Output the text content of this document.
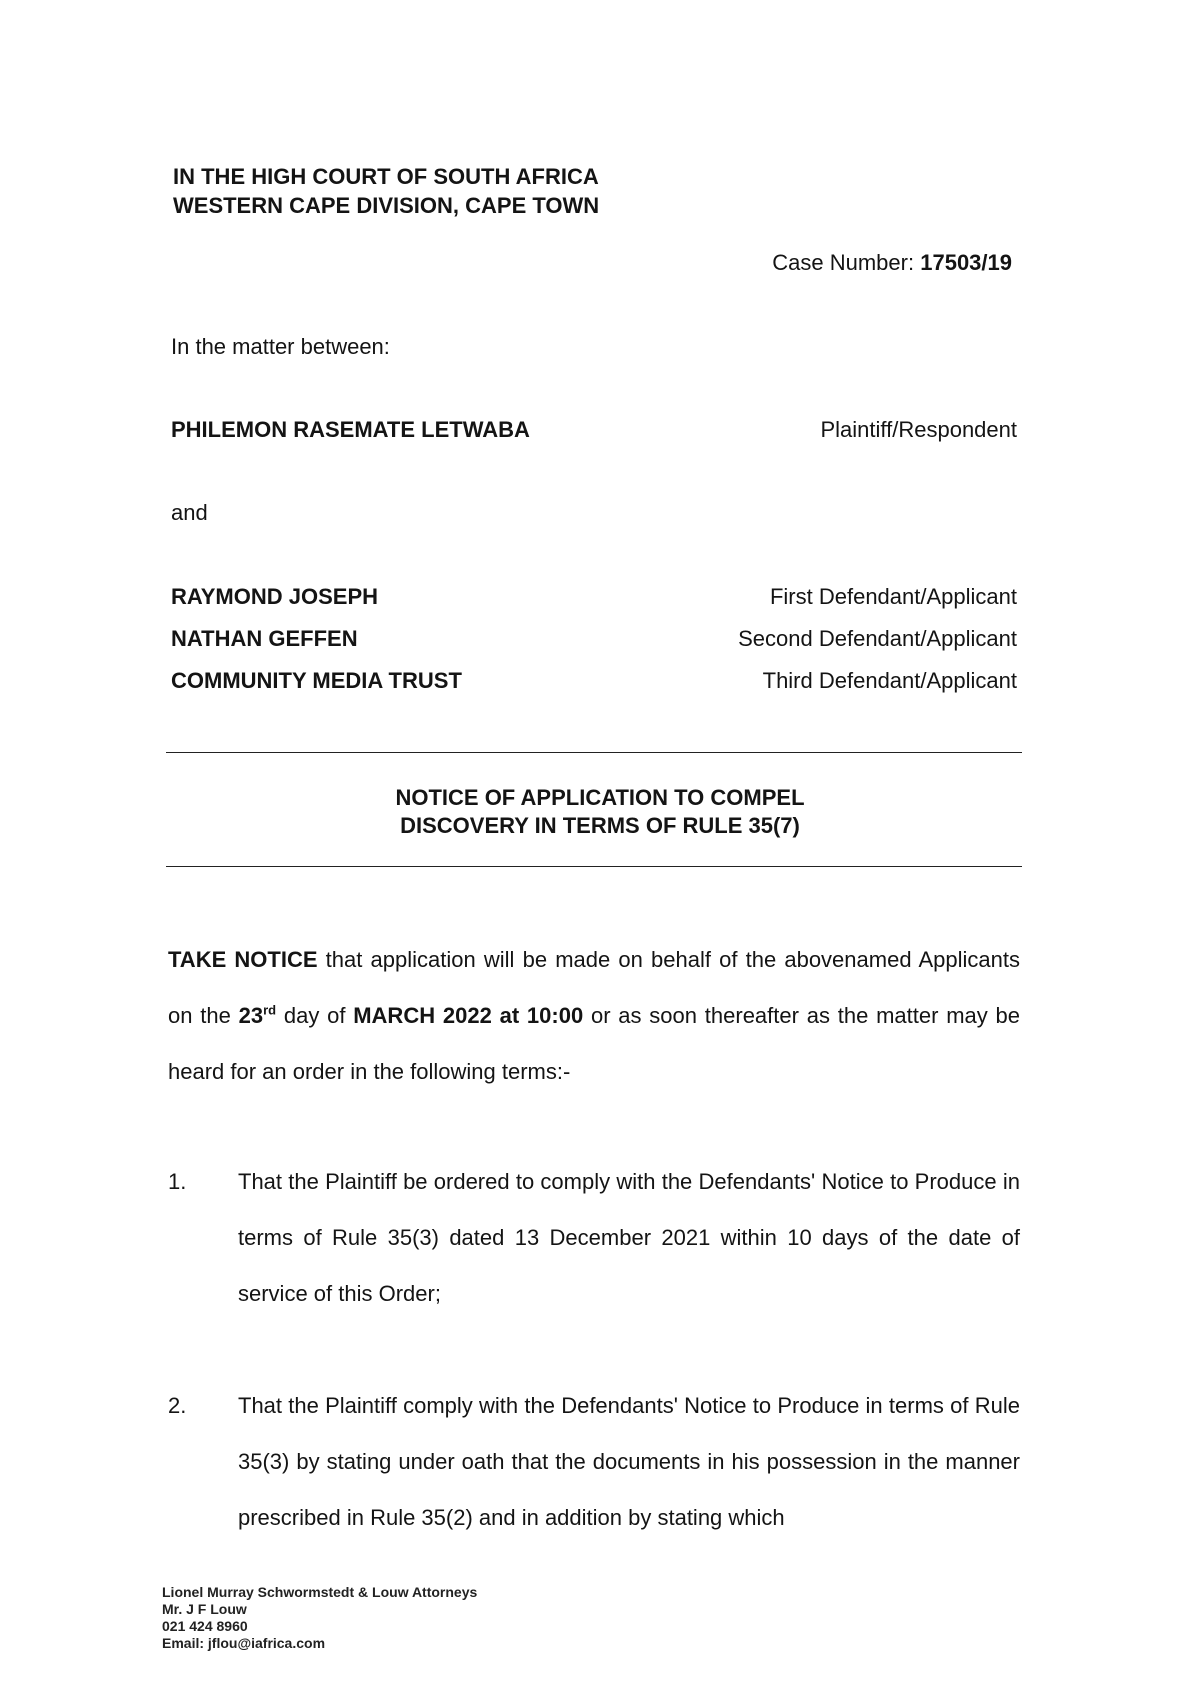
IN THE HIGH COURT OF SOUTH AFRICA
WESTERN CAPE DIVISION, CAPE TOWN
Case Number: 17503/19
In the matter between:
PHILEMON RASEMATE LETWABA	Plaintiff/Respondent
and
RAYMOND JOSEPH	First Defendant/Applicant
NATHAN GEFFEN	Second Defendant/Applicant
COMMUNITY MEDIA TRUST	Third Defendant/Applicant
NOTICE OF APPLICATION TO COMPEL
DISCOVERY IN TERMS OF RULE 35(7)
TAKE NOTICE that application will be made on behalf of the abovenamed Applicants on the 23rd day of MARCH 2022 at 10:00 or as soon thereafter as the matter may be heard for an order in the following terms:-
1. That the Plaintiff be ordered to comply with the Defendants' Notice to Produce in terms of Rule 35(3) dated 13 December 2021 within 10 days of the date of service of this Order;
2. That the Plaintiff comply with the Defendants' Notice to Produce in terms of Rule 35(3) by stating under oath that the documents in his possession in the manner prescribed in Rule 35(2) and in addition by stating which
Lionel Murray Schwormstedt & Louw Attorneys
Mr. J F Louw
021 424 8960
Email: jflou@iafrica.com
